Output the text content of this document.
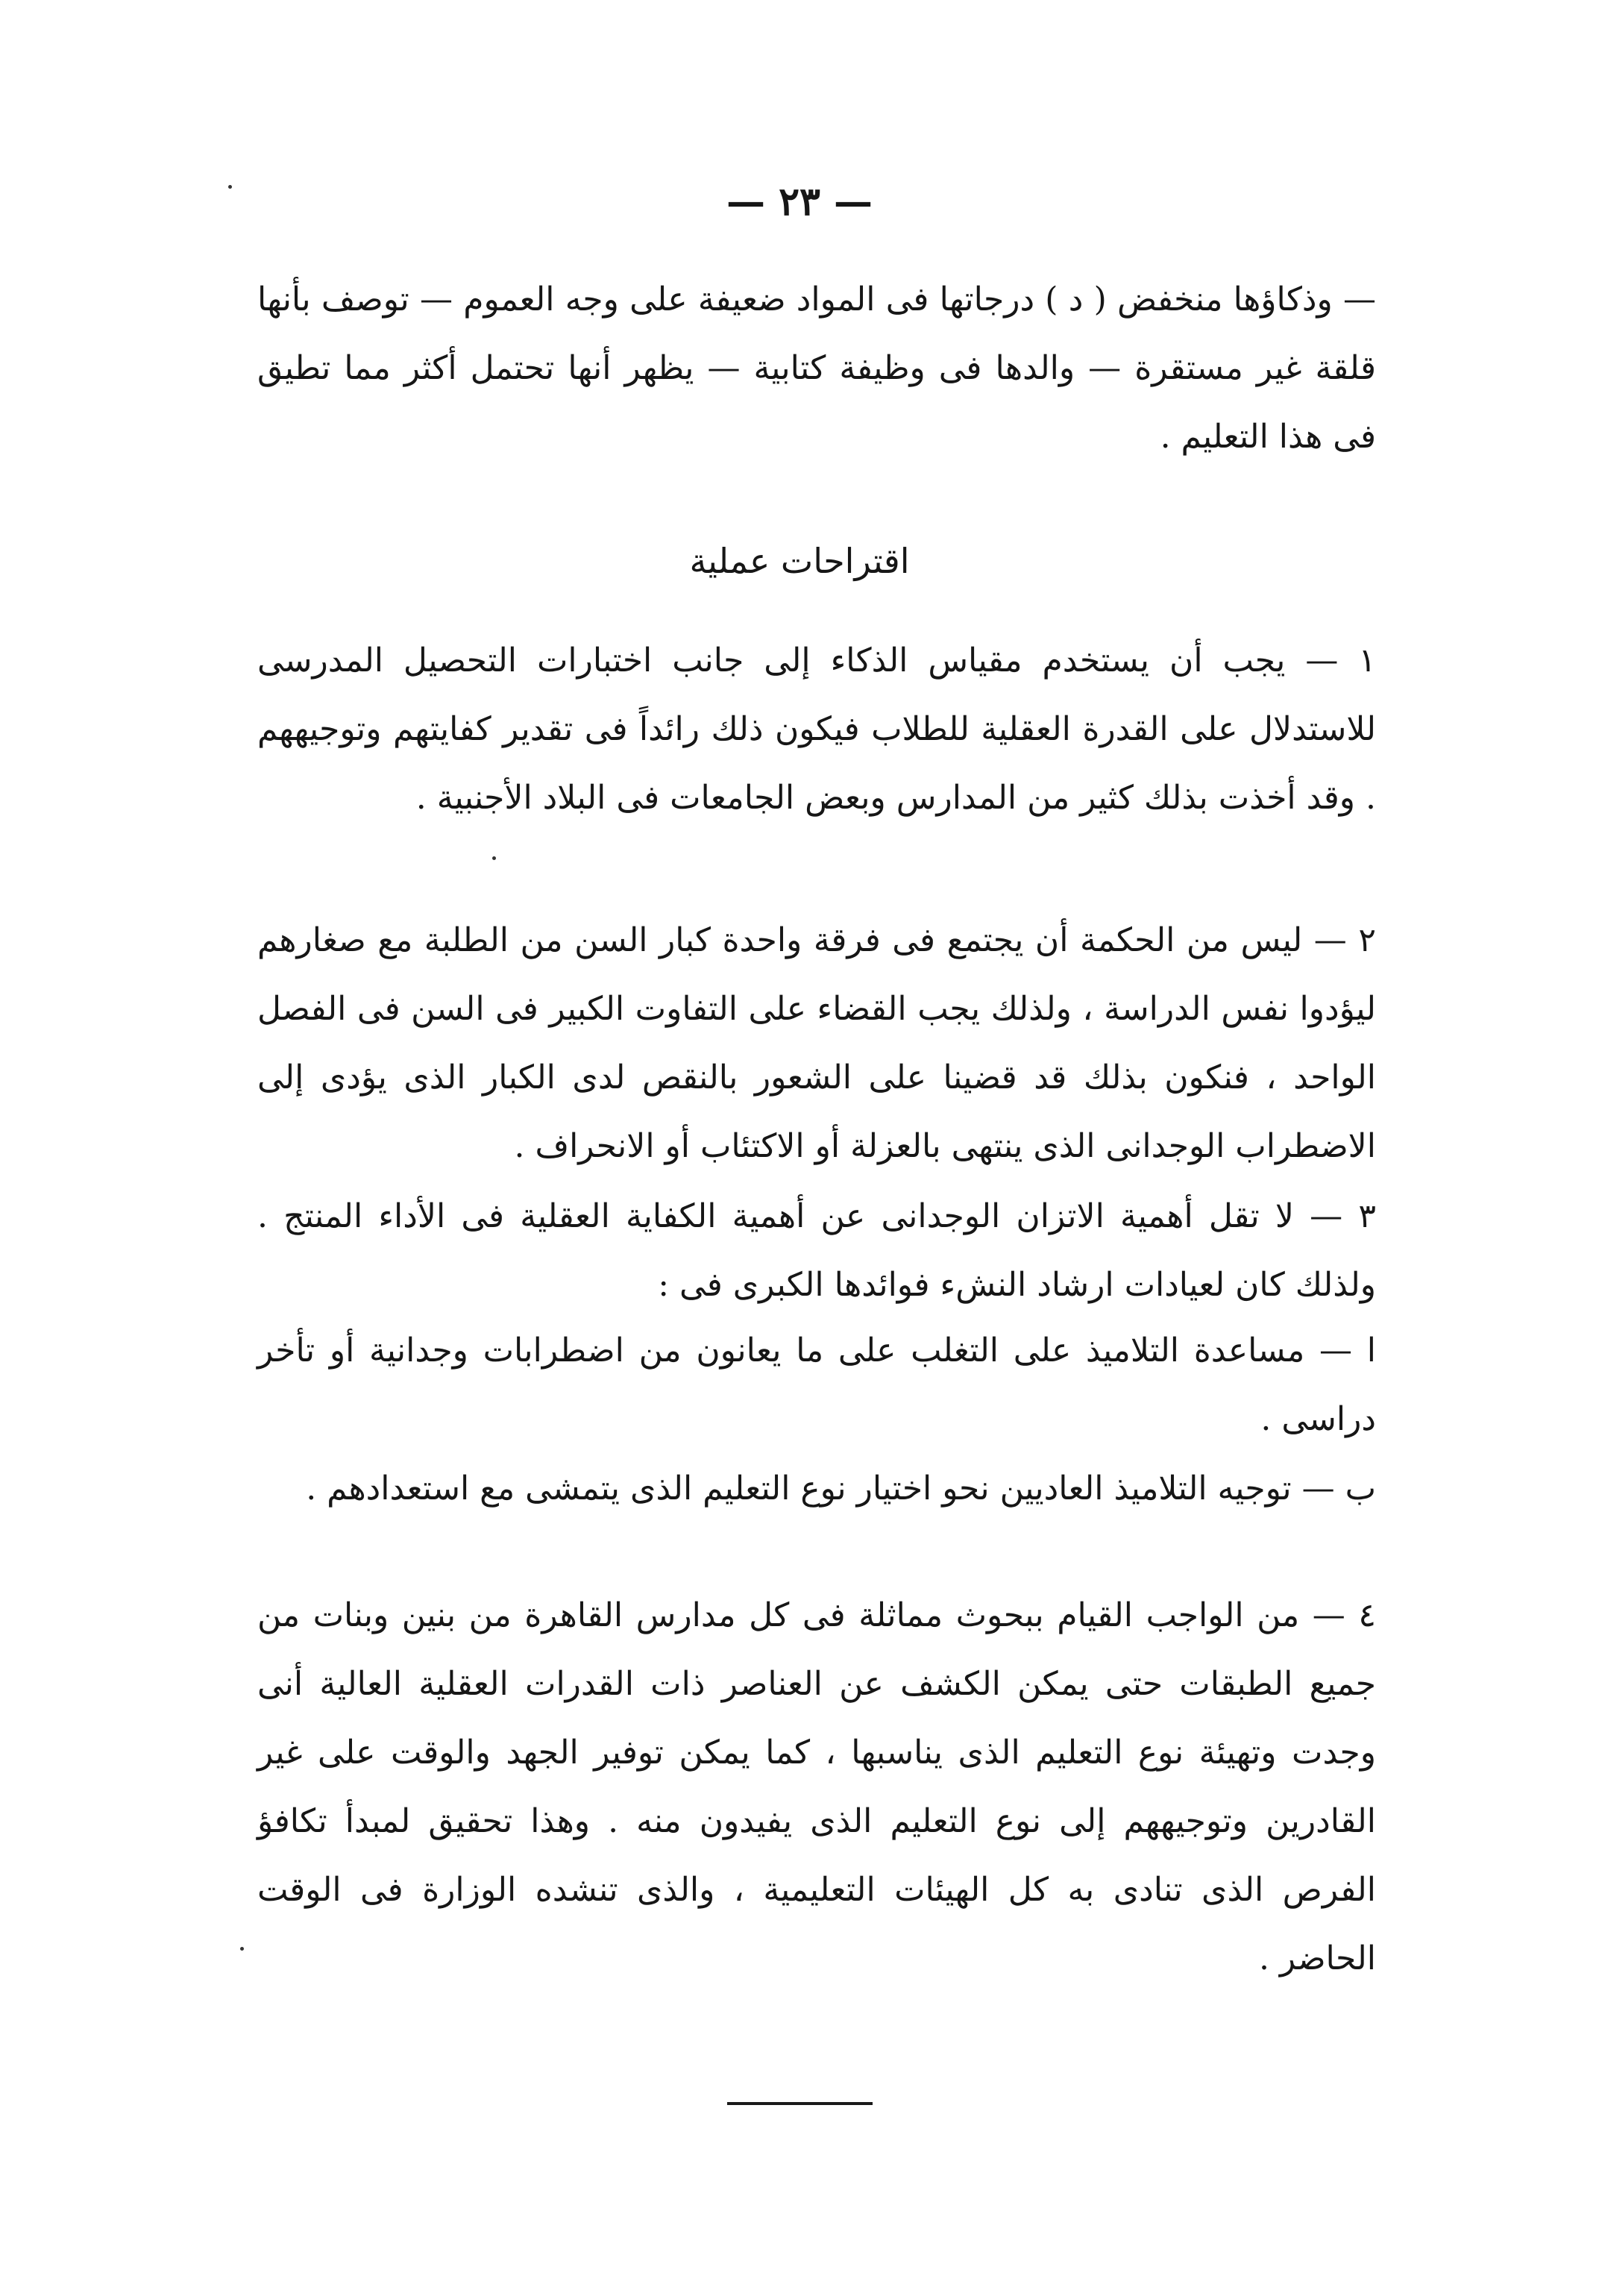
— ٢٣ —

— وذكاؤها منخفض ( د ) درجاتها فى المواد ضعيفة على وجه العموم — توصف بأنها قلقة غير مستقرة — والدها فى وظيفة كتابية — يظهر أنها تحتمل أكثر مما تطيق فى هذا التعليم .

اقتراحات عملية

١ — يجب أن يستخدم مقياس الذكاء إلى جانب اختبارات التحصيل المدرسى للاستدلال على القدرة العقلية للطلاب فيكون ذلك رائداً فى تقدير كفايتهم وتوجيههم . وقد أخذت بذلك كثير من المدارس وبعض الجامعات فى البلاد الأجنبية .

٢ — ليس من الحكمة أن يجتمع فى فرقة واحدة كبار السن من الطلبة مع صغارهم ليؤدوا نفس الدراسة ، ولذلك يجب القضاء على التفاوت الكبير فى السن فى الفصل الواحد ، فنكون بذلك قد قضينا على الشعور بالنقص لدى الكبار الذى يؤدى إلى الاضطراب الوجدانى الذى ينتهى بالعزلة أو الاكتئاب أو الانحراف .

٣ — لا تقل أهمية الاتزان الوجدانى عن أهمية الكفاية العقلية فى الأداء المنتج . ولذلك كان لعيادات ارشاد النشء فوائدها الكبرى فى :

ا — مساعدة التلاميذ على التغلب على ما يعانون من اضطرابات وجدانية أو تأخر دراسى .

ب — توجيه التلاميذ العاديين نحو اختيار نوع التعليم الذى يتمشى مع استعدادهم .

٤ — من الواجب القيام ببحوث مماثلة فى كل مدارس القاهرة من بنين وبنات من جميع الطبقات حتى يمكن الكشف عن العناصر ذات القدرات العقلية العالية أنى وجدت وتهيئة نوع التعليم الذى يناسبها ، كما يمكن توفير الجهد والوقت على غير القادرين وتوجيههم إلى نوع التعليم الذى يفيدون منه . وهذا تحقيق لمبدأ تكافؤ الفرص الذى تنادى به كل الهيئات التعليمية ، والذى تنشده الوزارة فى الوقت الحاضر .
